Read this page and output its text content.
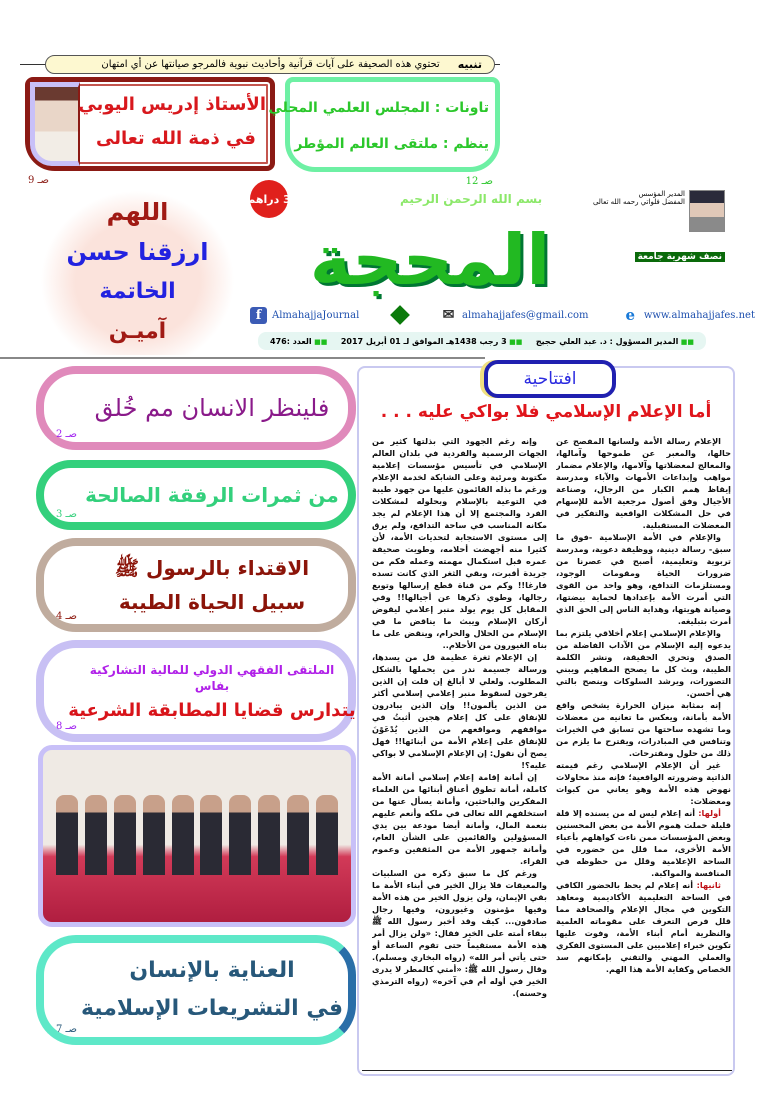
تنبيه
تحتوي هذه الصحيفة على آيات قرآنية وأحاديث نبوية فالمرجو صيانتها عن أي امتهان
الأستاذ إدريس اليوبي
في ذمة الله تعالى
صـ 9
تاونات : المجلس العلمي المحلي
ينظم : ملتقى العالم المؤطر
صـ 12
اللهم
ارزقنا حسن
الخاتمة
آميـن
المحجة
3 دراهم	بسم الله الرحمن الرحيم
نصف شهرية جامعة
المدير المؤسس
المفضل فلواتي رحمه الله تعالى
f AlmahajjaJournal	✉ almahajjafes@gmail.com ewww.almahajjafes.net
■■ المدير المسؤول : د. عبد العلي حجيج
■■ 3 رجب 1438هـ الموافق لـ 01 أبريل 2017
■■ العدد :476
افتتاحية
أما الإعلام الإسلامي فلا بواكي عليه . . .

الإعلام رسالة الأمة ولسانها المفصح عن حالها، والمعبر عن طموحها وآمالها، والمعالج لمعضلاتها وآلامها، والإعلام مضمار مواهب وإبداعات الأمهات والآباء ومدرسة إيقاظ همم الكبار من الرجال، وصناعة الأجيال وفق أصول مرجعية الأمة للإسهام في حل المشكلات الواقعية والتفكير في المعضلات المستقبلية.

والإعلام في الأمة الإسلامية -فوق ما سبق- رسالة دينية، ووظيفة دعوية، ومدرسة تربوية وتعليمية، أصبح في عصرنا من ضرورات الحياة ومقومات الوجود، ومستلزمات التدافع، وهو واحد من القوى التي أمرت الأمة بإعدادها لحماية بيضتها، وصيانة هويتها، وهداية الناس إلى الحق الذي أمرت بتبليغه.

والإعلام الإسلامي إعلام أخلاقي يلتزم بما يدعوه إليه الإسلام من الآداب الفاضلة من الصدق وتحري الحقيقة، ونشر الكلمة الطيبة، وبث كل ما يصحح المفاهيم ويبني التصورات، ويرشد السلوكات وينصح بالتي هي أحسن.

إنه بمثابة ميزان الحرارة يشخص واقع الأمة بأمانة، ويعكس ما تعانيه من معضلات وما تشهده ساحتها من تسابق في الخيرات وتنافس في المبادرات، ويقترح ما يلزم من ذلك من حلول ومقترحات.

غير أن الإعلام الإسلامي رغم قيمته الذاتية وضرورته الواقعية؛ فإنه منذ محاولات نهوض هذه الأمة وهو يعاني من كبوات ومعضلات:

أولها: أنه إعلام ليس له من يسنده إلا قلة قليلة حملت هموم الأمة من بعض المحسنين وبعض المؤسسات ممن ناءت كواهلهم بأعباء الأمة الأخرى، مما قلل من حضوره في الساحة الإعلامية وقلل من حظوظه في المنافسة والمواكبة.

ثانيها: أنه إعلام لم يحظ بالحضور الكافي في الساحة التعليمية الأكاديمية ومعاهد التكوين في مجال الإعلام والصحافة مما قلل فرص التعرف على مقوماته العلمية والنظرية أمام أبناء الأمة، وفوت عليها تكوين خبراء إعلاميين على المستوى الفكري والعملي المهني والتقني بإمكانهم سد الخصاص وكفاية الأمة هذا الهم.

وإنه رغم الجهود التي بذلتها كثير من الجهات الرسمية والفردية في بلدان العالم الإسلامي في تأسيس مؤسسات إعلامية مكتوبة ومرئية وعلى الشابكة لخدمة الإعلام ورغم ما بذله القائمون عليها من جهود طيبة في التوعية بالإسلام وبحلوله لمشكلات الفرد والمجتمع إلا أن هذا الإعلام لم يجد مكانه المناسب في ساحة التدافع، ولم يرق إلى مستوى الاستجابة لتحديات الأمة، لأن كثيرا منه أجهضت أحلامه، وطويت صحيفة عمره قبل استكمال مهمته وعمله فكم من جريدة أقبرت، وبقي الثغر الذي كانت تسده فارغا!! وكم من قناة قطع إرسالها وتوبع رجالها، وطوي ذكرها عن أجيالها!! وفي المقابل كل يوم يولد منبر إعلامي ليقوض أركان الإسلام ويبث ما يناقض ما في الإسلام من الحلال والحرام، وينقض على ما بناه الغيورون من الأحلام..

إن الإعلام ثغرة عظيمة قل من يسدها، ورسالة جسيمة ندر من يحملها بالشكل المطلوب. ولعلي لا أبالغ إن قلت إن الذين يفرحون لسقوط منبر إعلامي إسلامي أكثر من الذين يألمون!! وإن الذين يبادرون للإنفاق على كل إعلام هجين أثبتُ في مواقفهم ومواقعهم من الذين يُدْعَوْنَ للإنفاق على إعلام الأمة من أبنائها!! فهل يصح أن نقول: إن الإعلام الإسلامي لا بواكي عليه؟!

إن أمانة إقامة إعلام إسلامي أمانة الأمة كاملة، أمانة تطوق أعناق أبنائها من العلماء المفكرين والباحثين، وأمانة يسأل عنها من استخلفهم الله تعالى في ملكه وأنعم عليهم بنعمة المال، وأمانة أيضا مودعة بين يدي المسؤولين والقائمين على الشأن العام، وأمانة جمهور الأمة من المثقفين وعموم القراء.

ورغم كل ما سبق ذكره من السلبيات والمعيقات فلا يزال الخير في أبناء الأمة ما بقي الإيمان، ولن يزول الخير من هذه الأمة وفيها مؤمنون وغيورون، وفيها رجال صادقون... كيف وقد أخبر رسول الله ﷺ ببقاء أمته على الخير فقال: «ولن يزال أمر هذه الأمة مستقيماً حتى تقوم الساعة أو حتى يأتي أمر الله» (رواه البخاري ومسلم). وقال رسول الله ﷺ: «أمتي كالمطر لا يدرى الخير في أوله أم في آخره» (رواه الترمذي وحسنه).

فلينظر الانسان مم خُلق
صـ 2
من ثمرات الرفقة الصالحة
صـ 3
الاقتداء بالرسول ﷺ
سبيل الحياة الطيبة
صـ 4
الملتقى الفقهي الدولي للمالية التشاركية بفاس
يتدارس قضايا المطابقة الشرعية
صـ 8
العناية بالإنسان
في التشريعات الإسلامية
صـ 7
